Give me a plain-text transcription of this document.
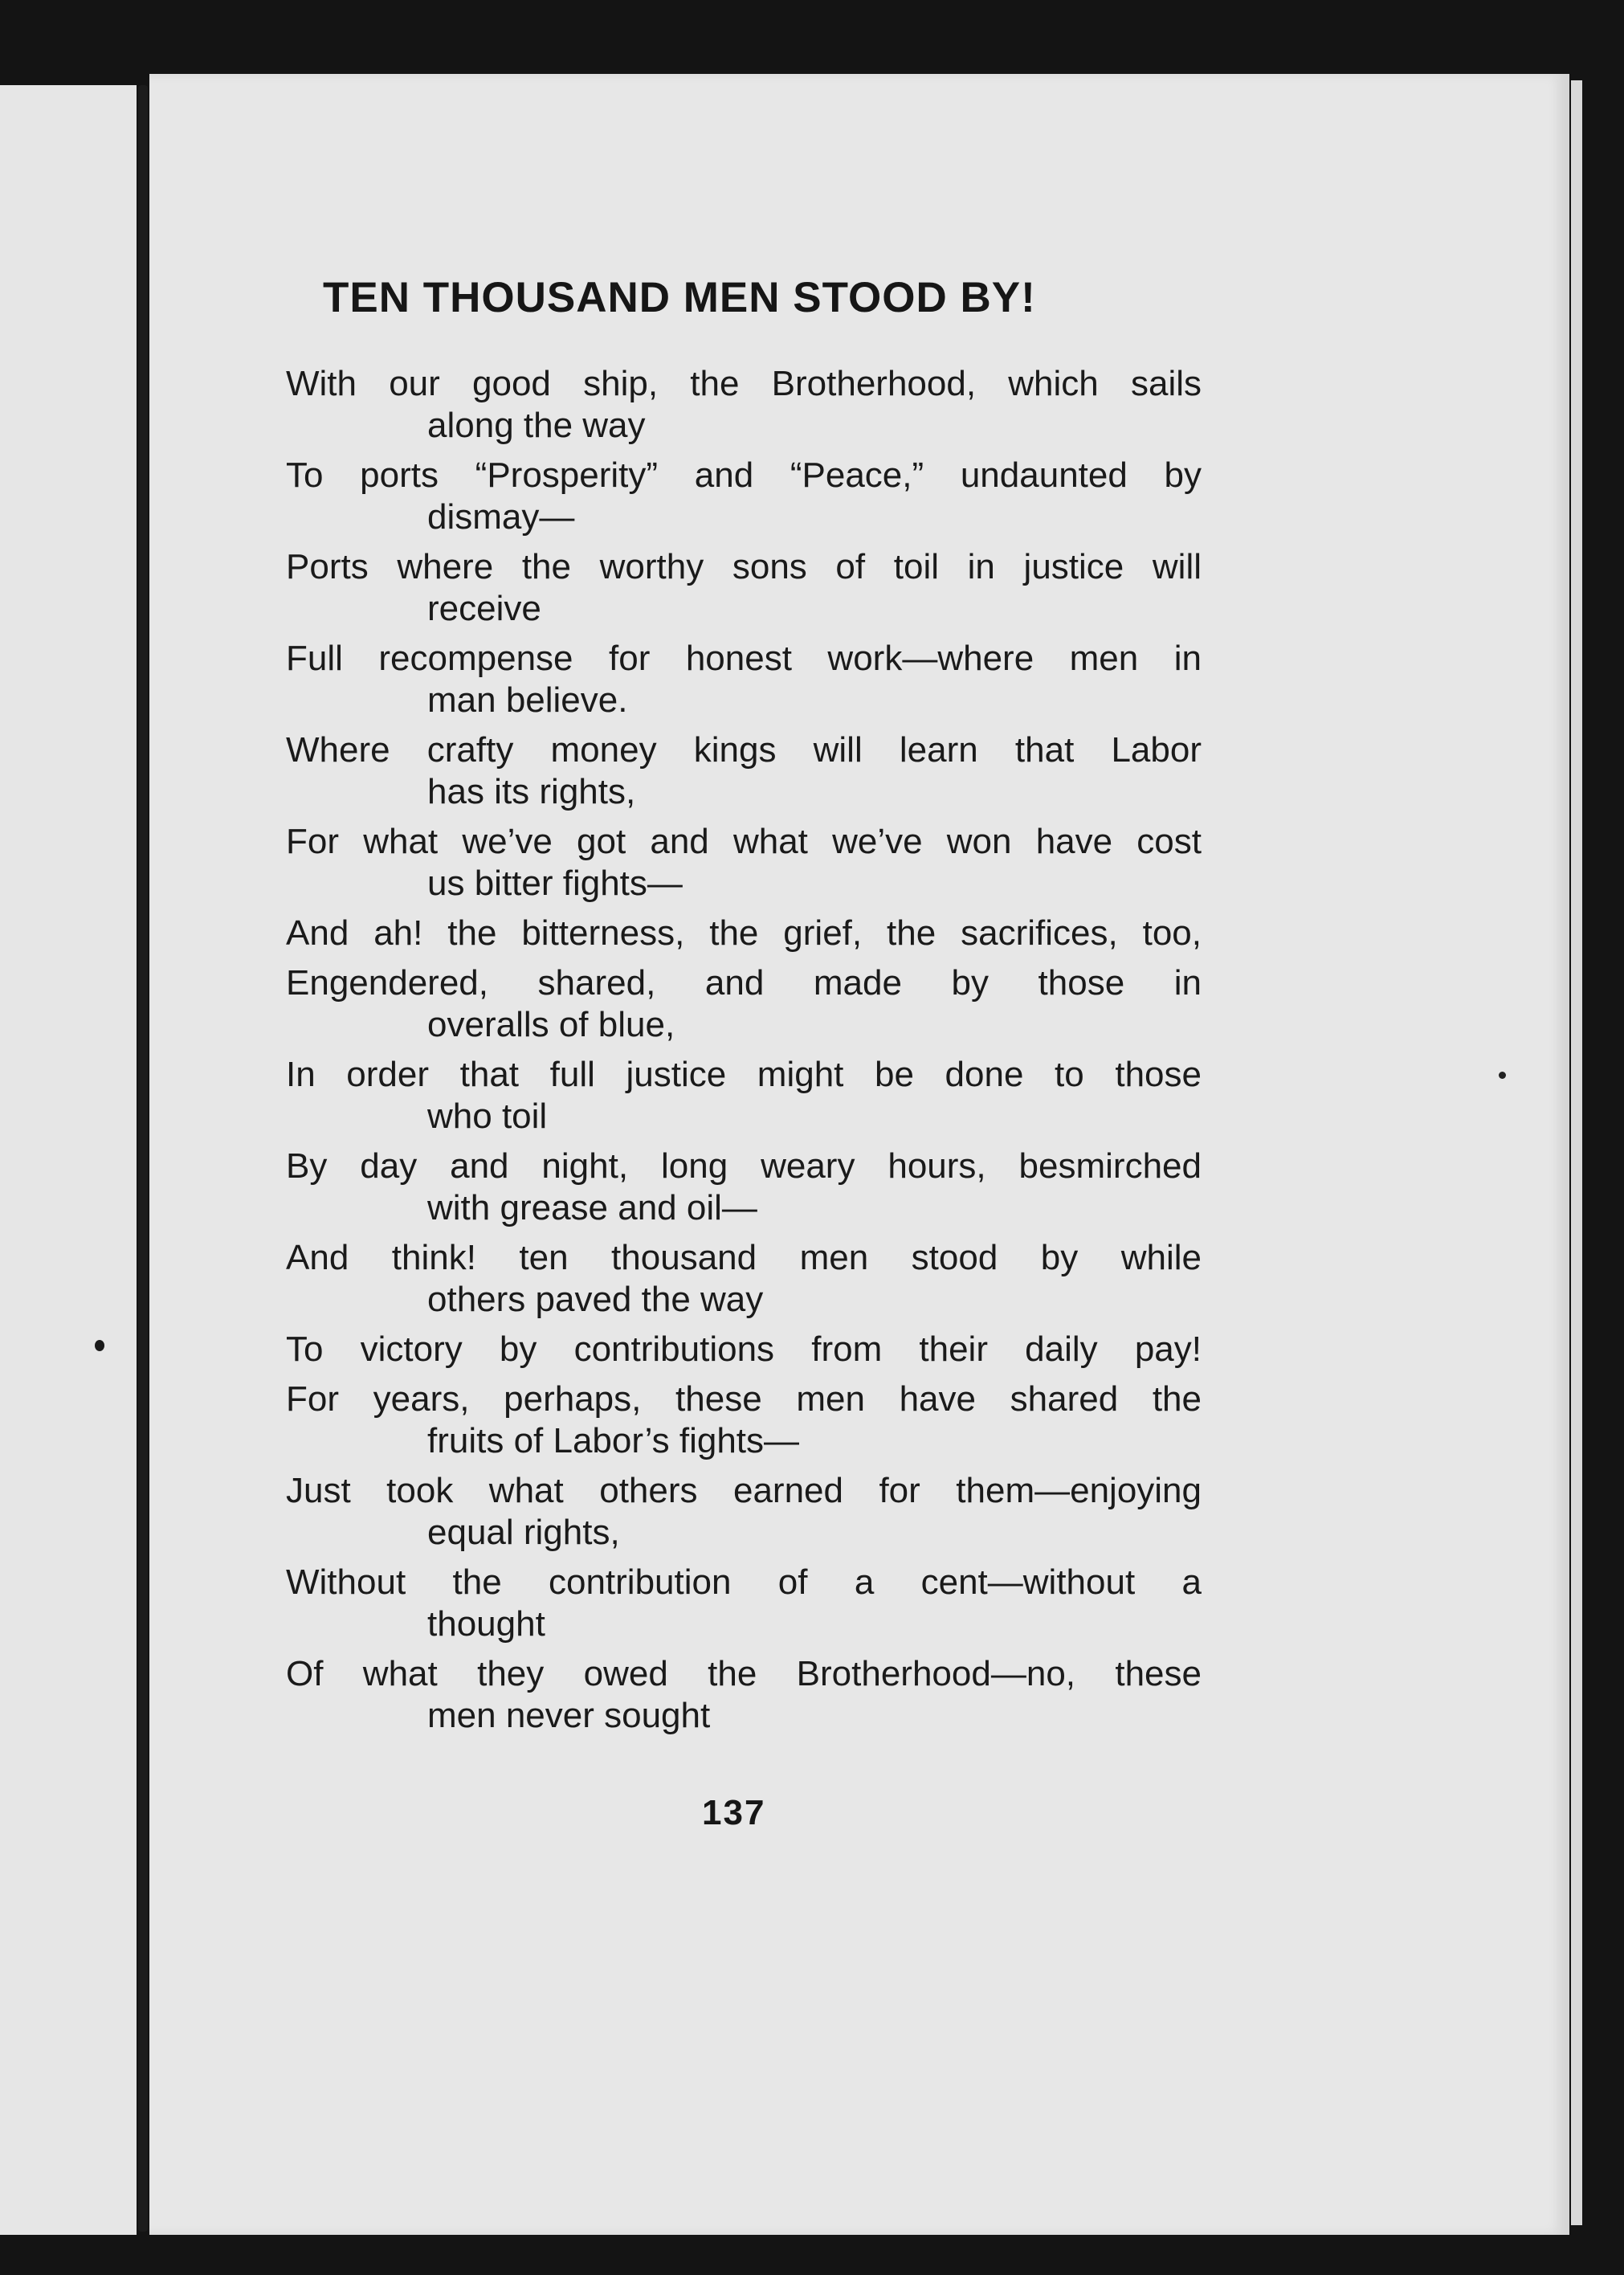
TEN THOUSAND MEN STOOD BY!

With our good ship, the Brotherhood, which sails

along the way

To ports “Prosperity” and “Peace,” undaunted by

dismay—

Ports where the worthy sons of toil in justice will

receive

Full recompense for honest work—where men in

man believe.

Where crafty money kings will learn that Labor

has its rights,

For what we’ve got and what we’ve won have cost

us bitter fights—

And ah! the bitterness, the grief, the sacrifices, too,

Engendered, shared, and made by those in

overalls of blue,

In order that full justice might be done to those

who toil

By day and night, long weary hours, besmirched

with grease and oil—

And think! ten thousand men stood by while

others paved the way

To victory by contributions from their daily pay!

For years, perhaps, these men have shared the

fruits of Labor’s fights—

Just took what others earned for them—enjoying

equal rights,

Without the contribution of a cent—without a

thought

Of what they owed the Brotherhood—no, these

men never sought

137
